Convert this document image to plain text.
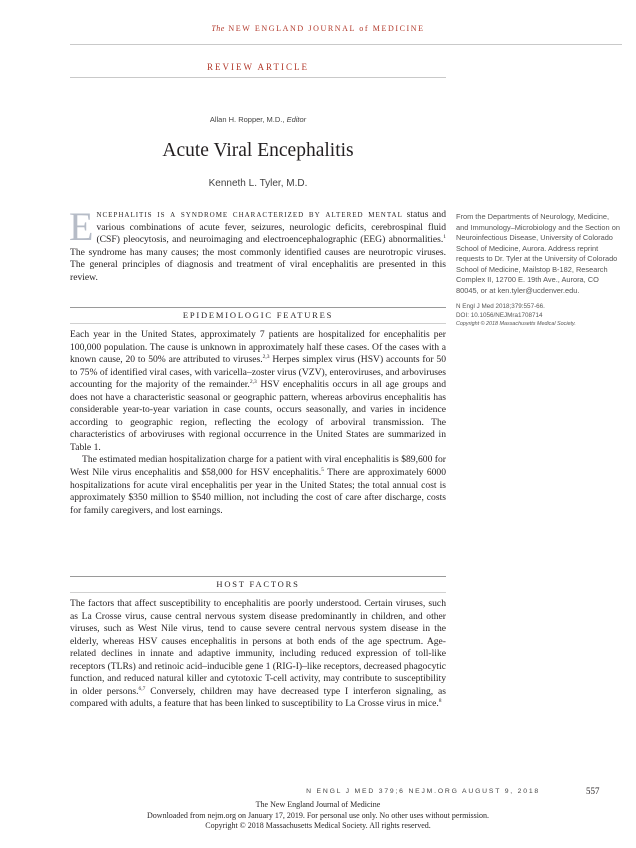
The NEW ENGLAND JOURNAL of MEDICINE
REVIEW ARTICLE
Allan H. Ropper, M.D., Editor
Acute Viral Encephalitis
Kenneth L. Tyler, M.D.
Encephalitis is a syndrome characterized by altered mental status and various combinations of acute fever, seizures, neurologic deficits, cerebrospinal fluid (CSF) pleocytosis, and neuroimaging and electroencephalographic (EEG) abnormalities.$^1$ The syndrome has many causes; the most commonly identified causes are neurotropic viruses. The general principles of diagnosis and treatment of viral encephalitis are presented in this review.
EPIDEMIOLOGIC FEATURES

Each year in the United States, approximately 7 patients are hospitalized for encephalitis per 100,000 population. The cause is unknown in approximately half these cases. Of the cases with a known cause, 20 to 50% are attributed to viruses.$^{2,3}$ Herpes simplex virus (HSV) accounts for 50 to 75% of identified viral cases, with varicella–zoster virus (VZV), enteroviruses, and arboviruses accounting for the majority of the remainder.$^{2,3}$ HSV encephalitis occurs in all age groups and does not have a characteristic seasonal or geographic pattern, whereas arbovirus encephalitis has considerable year-to-year variation in case counts, occurs seasonally, and varies in incidence according to geographic region, reflecting the ecology of arboviral transmission. The characteristics of arboviruses with regional occurrence in the United States are summarized in Table 1.

The estimated median hospitalization charge for a patient with viral encephalitis is $89,600 for West Nile virus encephalitis and $58,000 for HSV encephalitis.$^5$ There are approximately 6000 hospitalizations for acute viral encephalitis per year in the United States; the total annual cost is approximately $350 million to $540 million, not including the cost of care after discharge, costs for family caregivers, and lost earnings.

HOST FACTORS

The factors that affect susceptibility to encephalitis are poorly understood. Certain viruses, such as La Crosse virus, cause central nervous system disease predominantly in children, and other viruses, such as West Nile virus, tend to cause severe central nervous system disease in the elderly, whereas HSV causes encephalitis in persons at both ends of the age spectrum. Age-related declines in innate and adaptive immunity, including reduced expression of toll-like receptors (TLRs) and retinoic acid–inducible gene 1 (RIG-I)–like receptors, decreased phagocytic function, and reduced natural killer and cytotoxic T-cell activity, may contribute to susceptibility in older persons.$^{6,7}$ Conversely, children may have decreased type I interferon signaling, as compared with adults, a feature that has been linked to susceptibility to La Crosse virus in mice.$^8$

From the Departments of Neurology, Medicine, and Immunology–Microbiology and the Section on Neuroinfectious Disease, University of Colorado School of Medicine, Aurora. Address reprint requests to Dr. Tyler at the University of Colorado School of Medicine, Mailstop B-182, Research Complex II, 12700 E. 19th Ave., Aurora, CO 80045, or at ken.tyler@ucdenver.edu.
N Engl J Med 2018;379:557-66.
DOI: 10.1056/NEJMra1708714
Copyright © 2018 Massachusetts Medical Society.
N ENGL J MED 379;6 NEJM.ORG AUGUST 9, 2018	557
The New England Journal of Medicine
Downloaded from nejm.org on January 17, 2019. For personal use only. No other uses without permission.
Copyright © 2018 Massachusetts Medical Society. All rights reserved.
